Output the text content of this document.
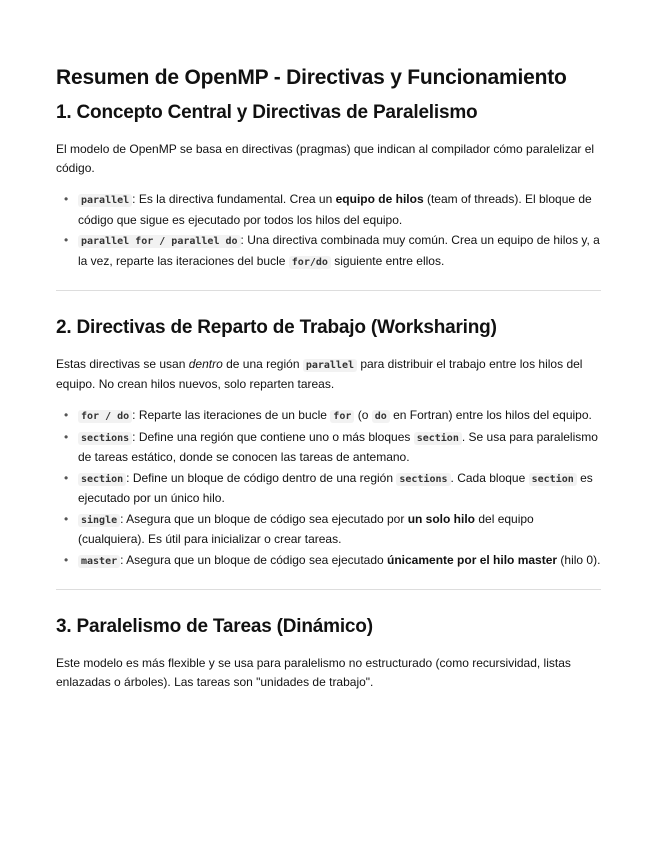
Resumen de OpenMP - Directivas y Funcionamiento
1. Concepto Central y Directivas de Paralelismo

El modelo de OpenMP se basa en directivas (pragmas) que indican al compilador cómo paralelizar el código.

• parallel : Es la directiva fundamental. Crea un equipo de hilos (team of threads). El bloque de código que sigue es ejecutado por todos los hilos del equipo.
• parallel for / parallel do : Una directiva combinada muy común. Crea un equipo de hilos y, a la vez, reparte las iteraciones del bucle for/do siguiente entre ellos.
2. Directivas de Reparto de Trabajo (Worksharing)

Estas directivas se usan dentro de una región parallel para distribuir el trabajo entre los hilos del equipo. No crean hilos nuevos, solo reparten tareas.

• for / do : Reparte las iteraciones de un bucle for (o do en Fortran) entre los hilos del equipo.
• sections : Define una región que contiene uno o más bloques section . Se usa para paralelismo de tareas estático, donde se conocen las tareas de antemano.
• section : Define un bloque de código dentro de una región sections . Cada bloque section es ejecutado por un único hilo.
• single : Asegura que un bloque de código sea ejecutado por un solo hilo del equipo (cualquiera). Es útil para inicializar o crear tareas.
• master : Asegura que un bloque de código sea ejecutado únicamente por el hilo master (hilo 0).
3. Paralelismo de Tareas (Dinámico)

Este modelo es más flexible y se usa para paralelismo no estructurado (como recursividad, listas enlazadas o árboles). Las tareas son "unidades de trabajo".
